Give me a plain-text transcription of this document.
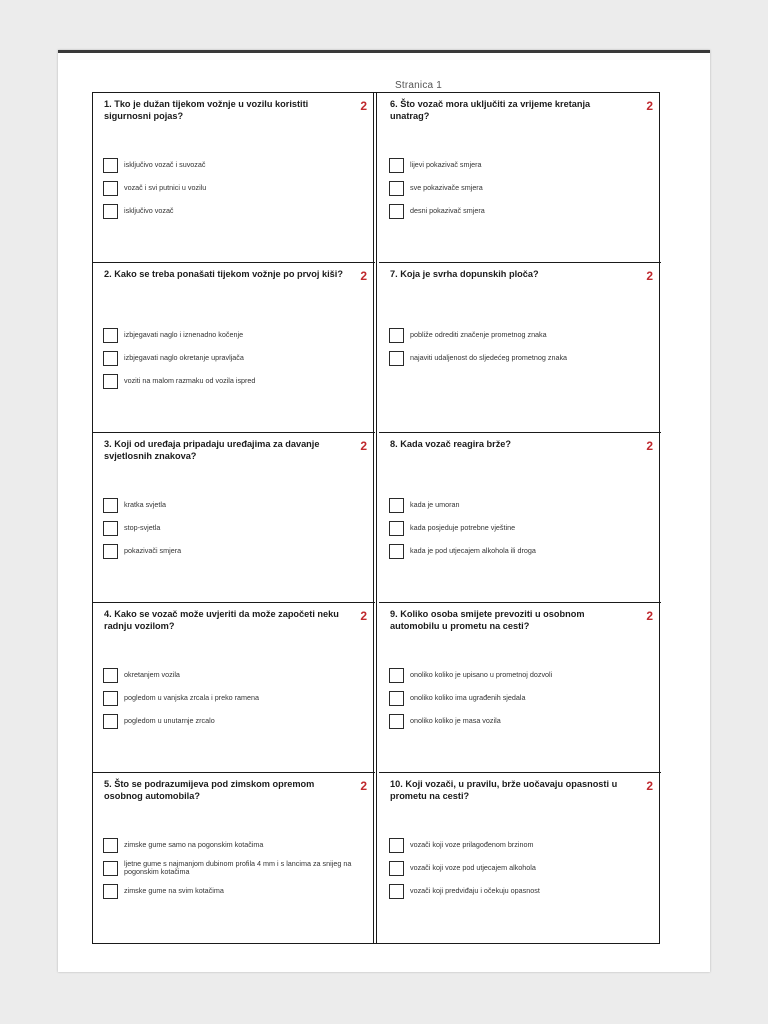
Stranica 1
1. Tko je dužan tijekom vožnje u vozilu koristiti sigurnosni pojas?
2
isključivo vozač i suvozač
vozač i svi putnici u vozilu
isključivo vozač
6. Što vozač mora uključiti za vrijeme kretanja unatrag?
2
lijevi pokazivač smjera
sve pokazivače smjera
desni pokazivač smjera
2. Kako se treba ponašati tijekom vožnje po prvoj kiši? 2
izbjegavati naglo i iznenadno kočenje
izbjegavati naglo okretanje upravljača
voziti na malom razmaku od vozila ispred
7. Koja je svrha dopunskih ploča?	2
pobliže odrediti značenje prometnog znaka
najaviti udaljenost do sljedećeg prometnog znaka
3. Koji od uređaja pripadaju uređajima za davanje svjetlosnih znakova?
2
kratka svjetla
stop-svjetla
pokazivači smjera
8. Kada vozač reagira brže?	2
kada je umoran
kada posjeduje potrebne vještine
kada je pod utjecajem alkohola ili droga
4. Kako se vozač može uvjeriti da može započeti neku radnju vozilom?
2
okretanjem vozila
pogledom u vanjska zrcala i preko ramena
pogledom u unutarnje zrcalo
9. Koliko osoba smijete prevoziti u osobnom automobilu u prometu na cesti?
2
onoliko koliko je upisano u prometnoj dozvoli
onoliko koliko ima ugrađenih sjedala
onoliko koliko je masa vozila
5. Što se podrazumijeva pod zimskom opremom osobnog automobila?
2
zimske gume samo na pogonskim kotačima
ljetne gume s najmanjom dubinom profila 4 mm i s lancima za snijeg na pogonskim kotačima
zimske gume na svim kotačima
10. Koji vozači, u pravilu, brže uočavaju opasnosti u prometu na cesti?
2
vozači koji voze prilagođenom brzinom
vozači koji voze pod utjecajem alkohola
vozači koji predviđaju i očekuju opasnost
